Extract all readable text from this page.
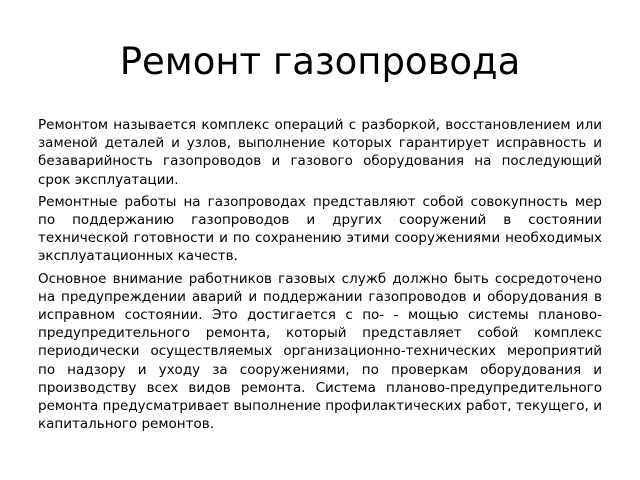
Ремонт газопровода

Ремонтом называется комплекс операций с разборкой, восстановлением или заменой деталей и узлов, выполнение которых гарантирует исправность и безаварийность газопроводов и газового оборудования на последующий срок эксплуатации.

Ремонтные работы на газопроводах представляют собой совокупность мер по поддержанию газопроводов и других сооружений в состоянии технической готовности и по сохранению этими сооружениями необходимых эксплуатационных качеств.

Основное внимание работников газовых служб должно быть сосредоточено на предупреждении аварий и поддержании газопроводов и оборудования в исправном состоянии. Это достигается с по- - мощью системы планово-предупредительного ремонта, который представляет собой комплекс периодически осуществляемых организационно-технических мероприятий по надзору и уходу за сооружениями, по проверкам оборудования и производству всех видов ремонта. Система планово-предупредительного ремонта предусматривает выполнение профилактических работ, текущего, и капитального ремонтов.
